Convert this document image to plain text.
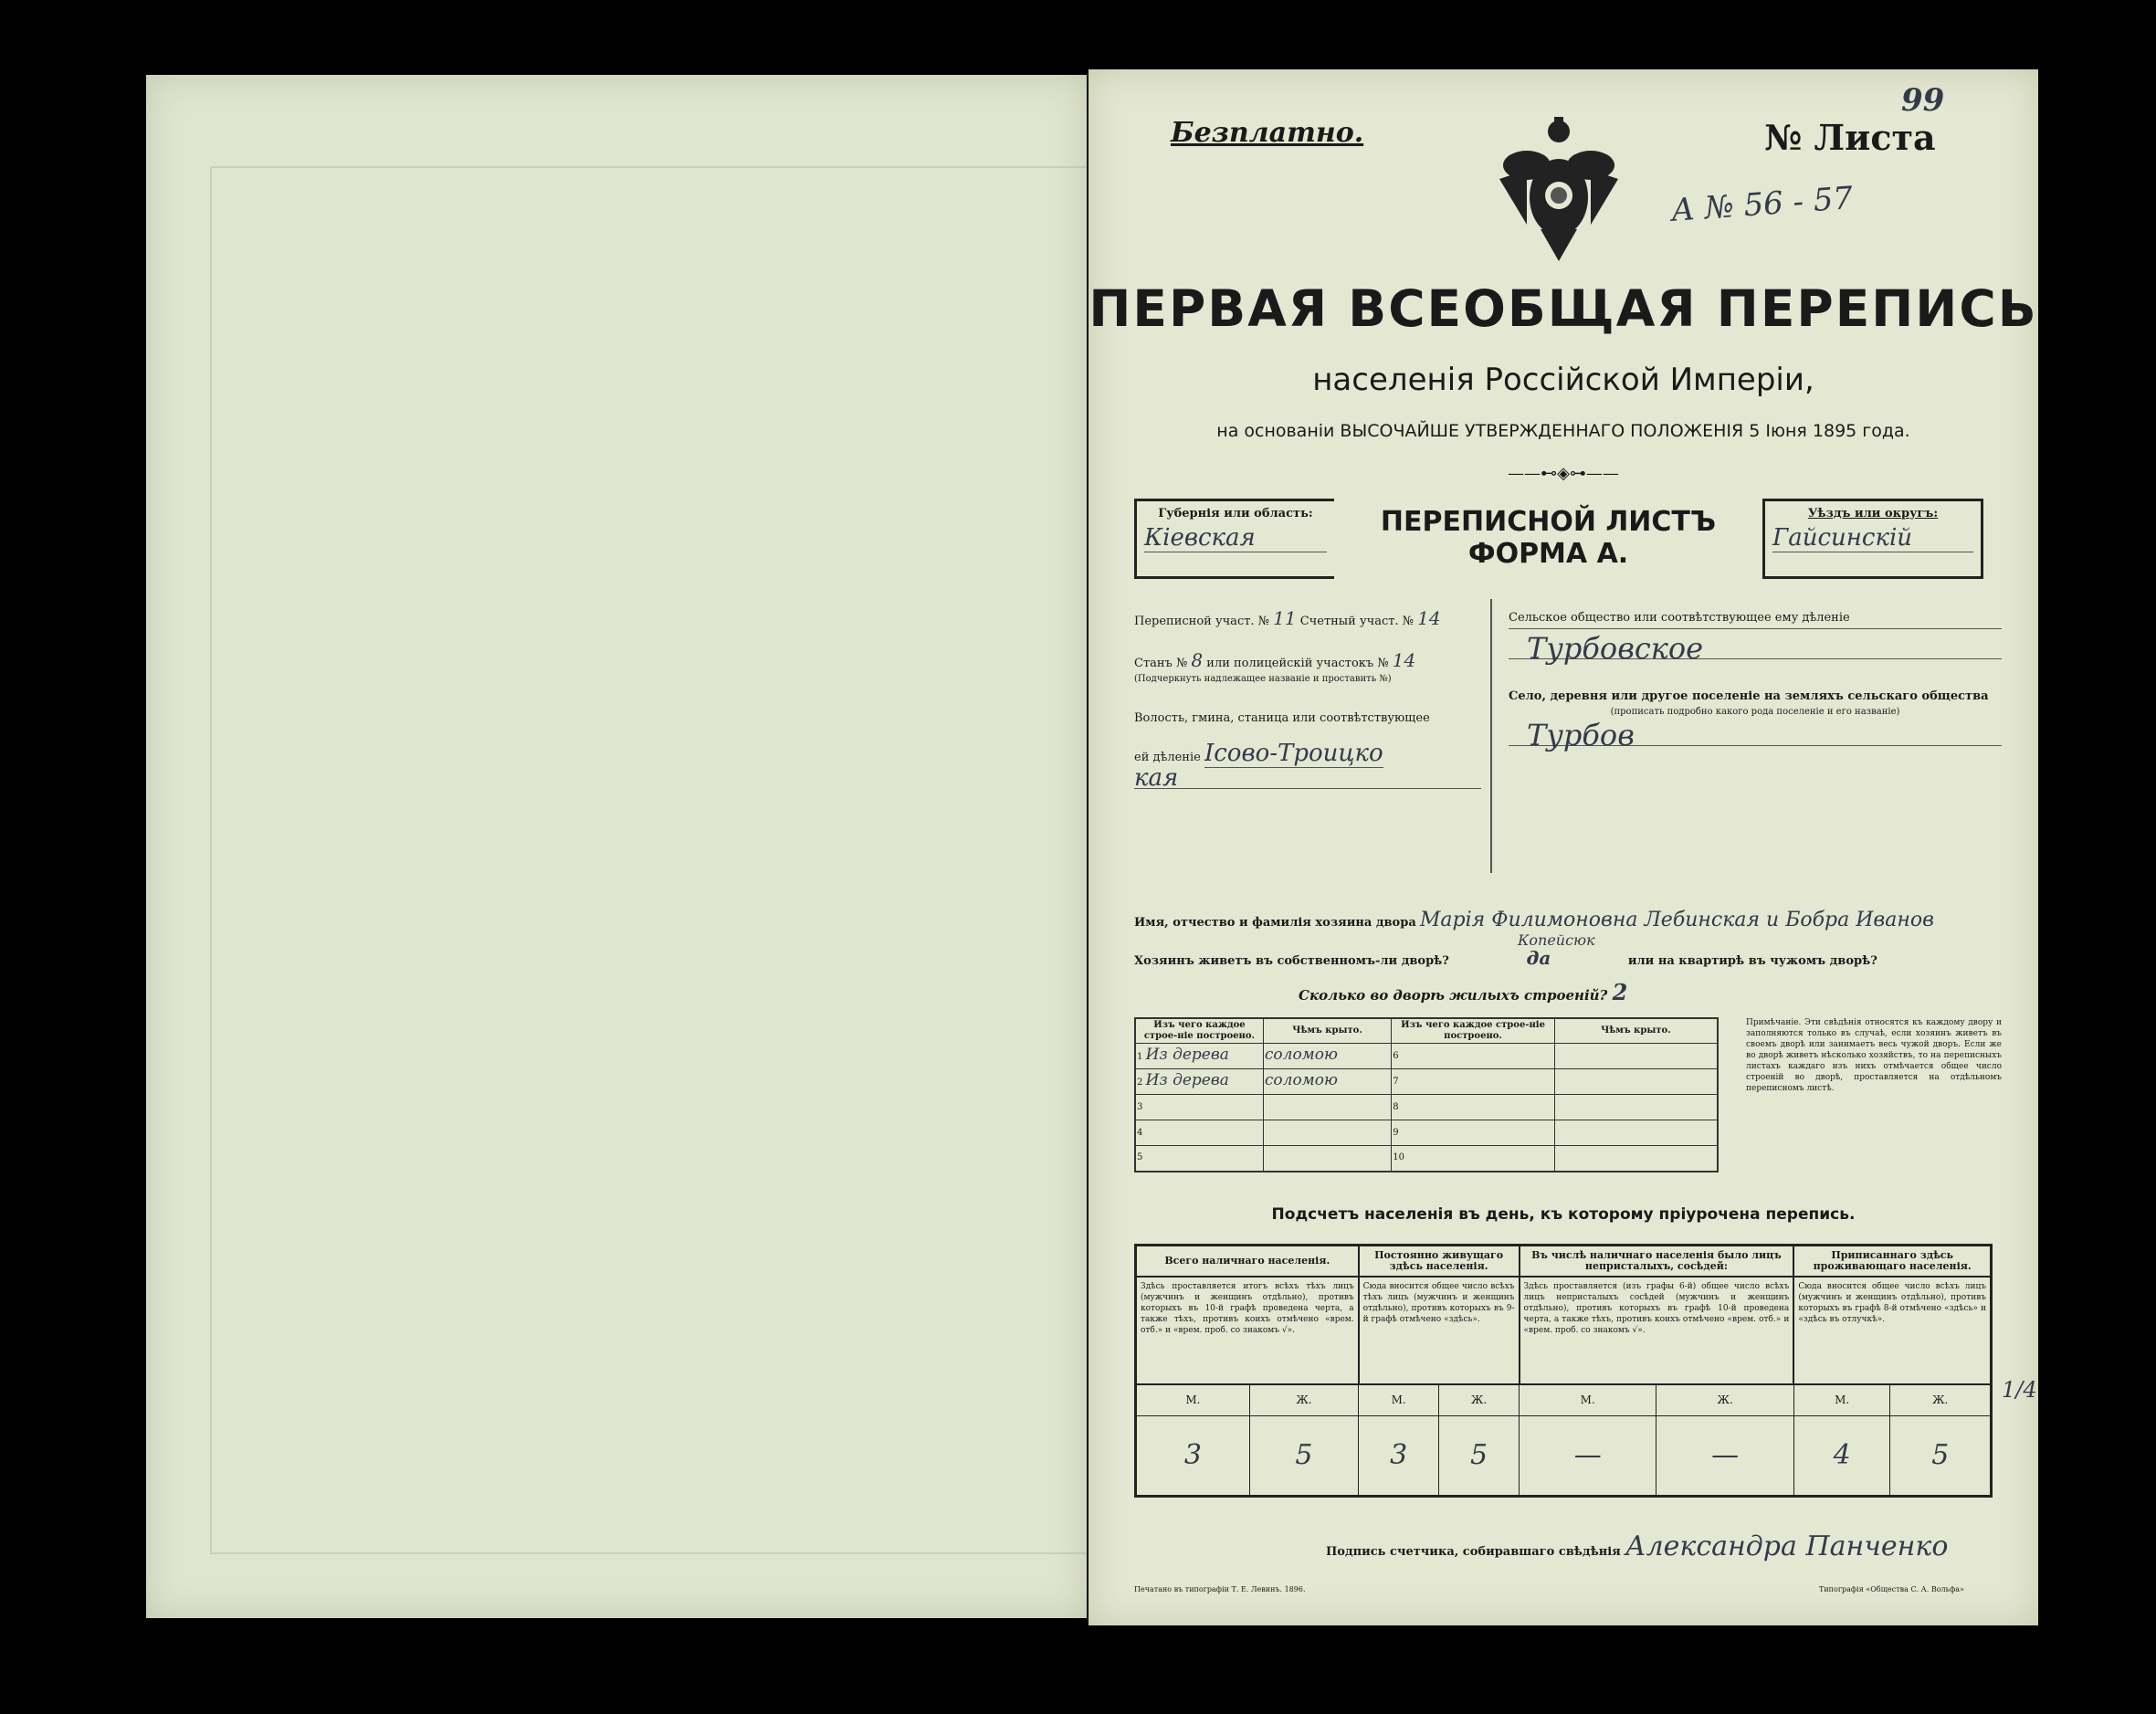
Безплатно.	№ Листа
99
А № 56 - 57
ПЕРВАЯ ВСЕОБЩАЯ ПЕРЕПИСЬ
населенія Россійской Имперіи,
на основаніи ВЫСОЧАЙШЕ УТВЕРЖДЕННАГО ПОЛОЖЕНІЯ 5 Іюня 1895 года.
——⊷◈⊶——
Губернія или область:
Кiевская	ПЕРЕПИСНОЙ ЛИСТЪ
ФОРМА А.
Уѣздъ или округъ:
Гайсинскій
Переписной участ. № 11 Счетный участ. № 14
Станъ № 8 или полицейскій участокъ № 14
(Подчеркнуть надлежащее названіе и проставить №)
Волость, гмина, станица или соотвѣтствующее
ей дѣленіе Ісово-Троицко
кая
Сельское общество или соотвѣтствующее ему дѣленіе
Турбовское
Село, деревня или другое поселеніе на земляхъ сельскаго общества
(прописать подробно какого рода поселеніе и его названіе)
Турбов
Имя, отчество и фамилія хозяина двора Марія Филимоновна Лебинская и Бобра Иванов
Копейсюк
Хозяинъ живетъ въ собственномъ-ли дворѣ?	да	или на квартирѣ въ чужомъ дворѣ?
Сколько во дворѣ жилыхъ строеній? 2
Изъ чего каждое строе-ніе построено.	Чѣмъ крыто.	Изъ чего каждое строе-ніе построено.	Чѣмъ крыто.
1 Из дерева	соломою	6	
2 Из дерева	соломою	7	
3		8	
4		9	
5		10	
Примѣчаніе. Эти свѣдѣнія относятся къ каждому двору и заполняются только въ случаѣ, если хозяинъ живетъ въ своемъ дворѣ или занимаетъ весь чужой дворъ. Если же во дворѣ живетъ нѣсколько хозяйствъ, то на переписныхъ листахъ каждаго изъ нихъ отмѣчается общее число строеній во дворѣ, проставляется на отдѣльномъ переписномъ листѣ.
Подсчетъ населенія въ день, къ которому пріурочена перепись.
Всего наличнаго населенія.		Постоянно живущаго здѣсь населенія.		Въ числѣ наличнаго населенія было лицъ непристалыхъ, сосѣдей:		Приписаннаго здѣсь проживающаго населенія.	
Здѣсь проставляется итогъ всѣхъ тѣхъ лицъ (мужчинъ и женщинъ отдѣльно), противъ которыхъ въ 10-й графѣ проведена черта, а также тѣхъ, противъ коихъ отмѣчено «врем. отб.» и «врем. проб. со знакомъ √».		Сюда вносится общее число всѣхъ тѣхъ лицъ (мужчинъ и женщинъ отдѣльно), противъ которыхъ въ 9-й графѣ отмѣчено «здѣсь».		Здѣсь проставляется (изъ графы 6-й) общее число всѣхъ лицъ непристалыхъ сосѣдей (мужчинъ и женщинъ отдѣльно), противъ которыхъ въ графѣ 10-й проведена черта, а также тѣхъ, противъ коихъ отмѣчено «врем. отб.» и «врем. проб. со знакомъ √».		Сюда вносится общее число всѣхъ лицъ (мужчинъ и женщинъ отдѣльно), противъ которыхъ въ графѣ 8-й отмѣчено «здѣсь» и «здѣсь въ отлучкѣ».	
М.	Ж.	М.	Ж.	М.	Ж.	М.	Ж.
3	5	3	5	—	—	4	5
1/4
Подпись счетчика, собиравшаго свѣдѣнія Александра Панченко
Печатано въ типографіи Т. Е. Левинъ. 1896.	Типографія «Общества С. А. Вольфа»
